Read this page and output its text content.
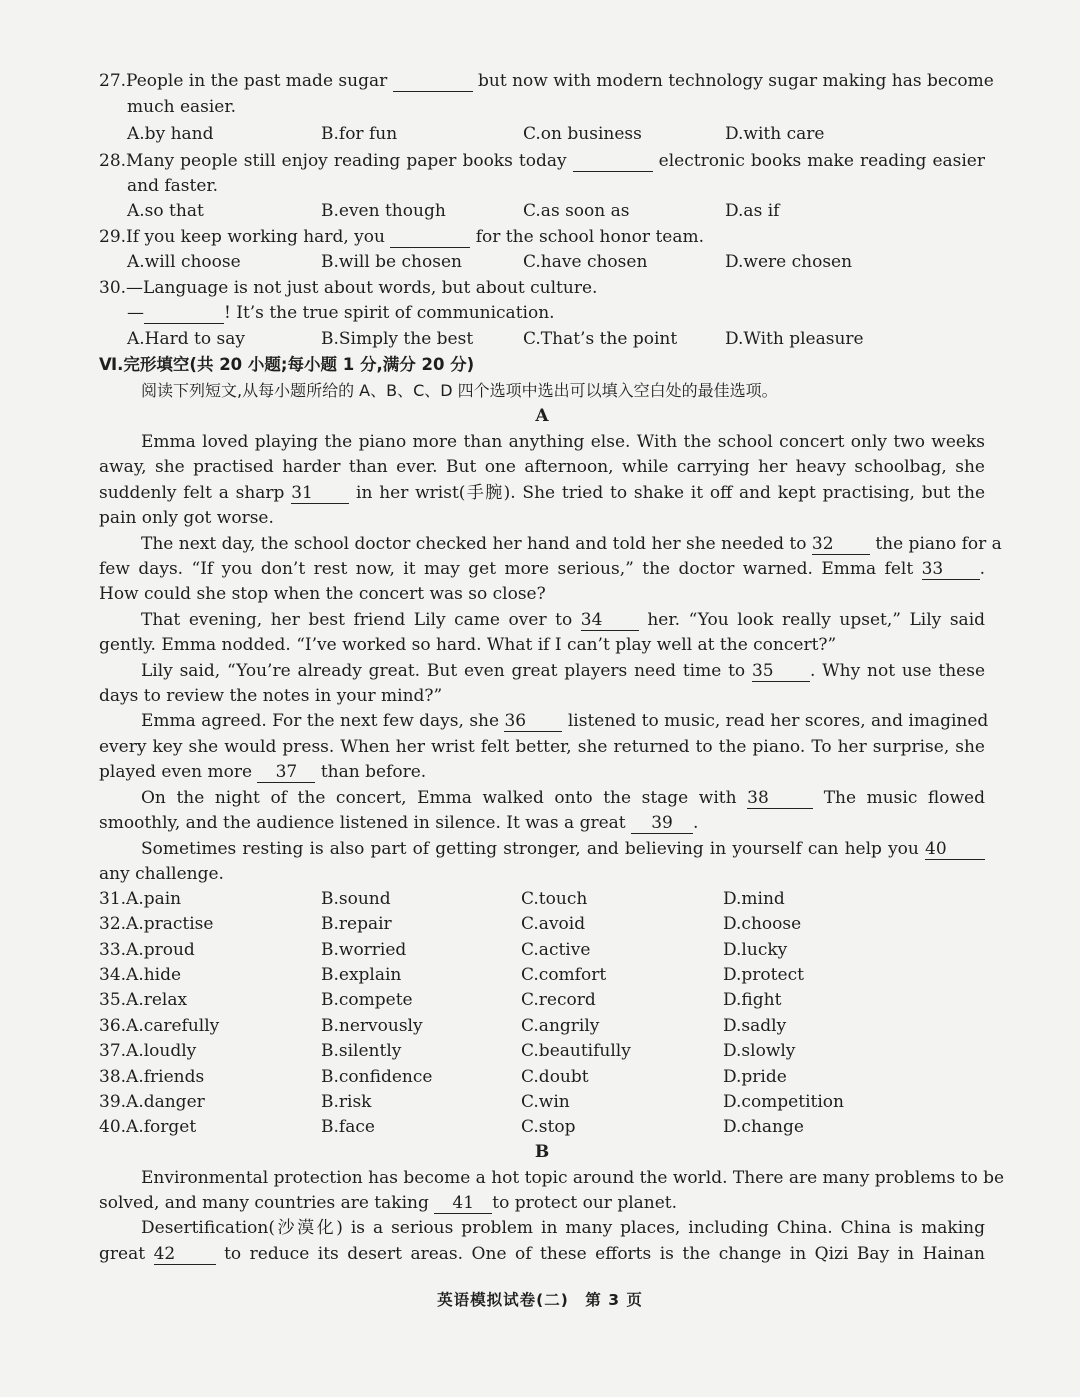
27.People in the past made sugar	but now with modern technology sugar making has become
much easier.
A.by hand	B.for fun	C.on business	D.with care
28.Many people still enjoy reading paper books today	electronic books make reading easier
and faster.
A.so that	B.even though	C.as soon as	D.as if
29.If you keep working hard, you	for the school honor team.
A.will choose	B.will be chosen	C.have chosen	D.were chosen
30.—Language is not just about words, but about culture.
—	! It’s the true spirit of communication.
A.Hard to say	B.Simply the best	C.That’s the point	D.With pleasure
Ⅵ.完形填空(共 20 小题;每小题 1 分,满分 20 分)
阅读下列短文,从每小题所给的 A、B、C、D 四个选项中选出可以填入空白处的最佳选项。
A
Emma loved playing the piano more than anything else. With the school concert only two weeks
away, she practised harder than ever. But one afternoon, while carrying her heavy schoolbag, she
suddenly felt a sharp 31	in her wrist(手腕). She tried to shake it off and kept practising, but the
pain only got worse.
The next day, the school doctor checked her hand and told her she needed to 32 the piano for a
few days. “If you don’t rest now, it may get more serious,” the doctor warned. Emma felt 33 .
How could she stop when the concert was so close?
That evening, her best friend Lily came over to 34	her. “You look really upset,” Lily said
gently. Emma nodded. “I’ve worked so hard. What if I can’t play well at the concert?”
Lily said, “You’re already great. But even great players need time to 35 . Why not use these
days to review the notes in your mind?”
Emma agreed. For the next few days, she 36 listened to music, read her scores, and imagined
every key she would press. When her wrist felt better, she returned to the piano. To her surprise, she
played even more 37 than before.
On the night of the concert, Emma walked onto the stage with 38	The music flowed
smoothly, and the audience listened in silence. It was a great 39 .
Sometimes resting is also part of getting stronger, and believing in yourself can help you 40
any challenge.
31.A.pain	B.sound	C.touch	D.mind
32.A.practise	B.repair	C.avoid	D.choose
33.A.proud	B.worried	C.active	D.lucky
34.A.hide	B.explain	C.comfort	D.protect
35.A.relax	B.compete	C.record	D.fight
36.A.carefully	B.nervously	C.angrily	D.sadly
37.A.loudly	B.silently	C.beautifully	D.slowly
38.A.friends	B.confidence	C.doubt	D.pride
39.A.danger	B.risk	C.win	D.competition
40.A.forget	B.face	C.stop	D.change
B
Environmental protection has become a hot topic around the world. There are many problems to be
solved, and many countries are taking 41 to protect our planet.
Desertification(沙漠化) is a serious problem in many places, including China. China is making
great 42	to reduce its desert areas. One of these efforts is the change in Qizi Bay in Hainan
英语模拟试卷(二)　第 3 页
